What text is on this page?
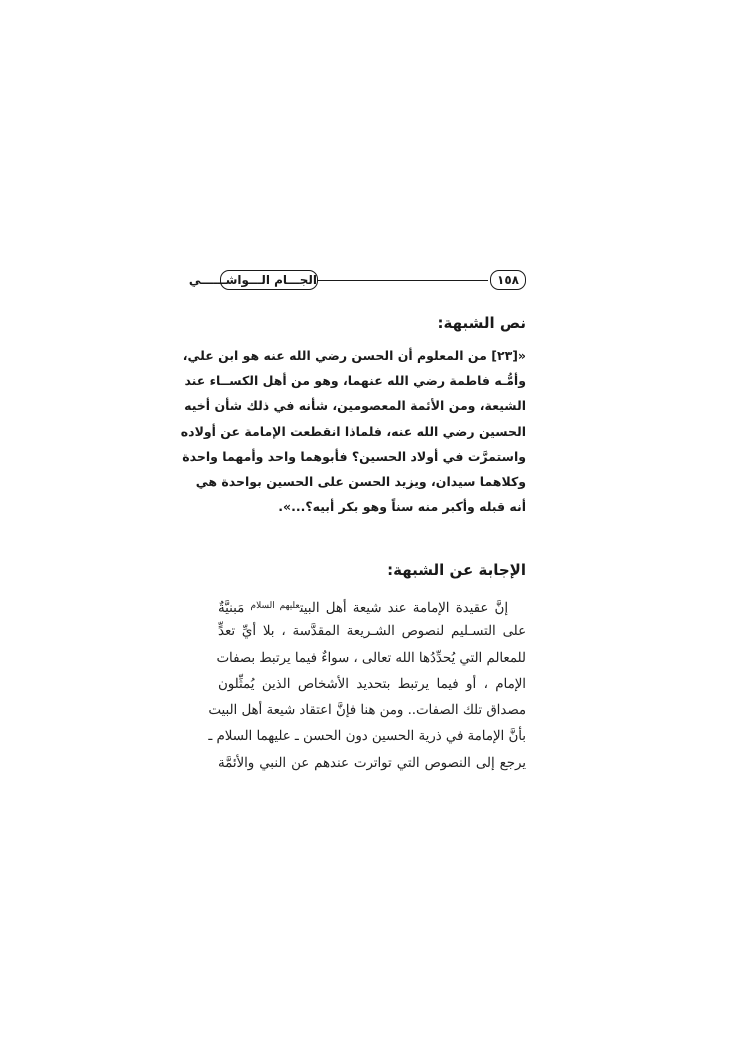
الجـــام الـــواشــــــي	١٥٨
نص الشبهة:
«[٢٣] من المعلوم أن الحسن رضي الله عنه هو ابن علي،
وأمُّـه فاطمة رضي الله عنهما، وهو من أهل الكســاء عند
الشيعة، ومن الأئمة المعصومين، شأنه في ذلك شأن أخيه
الحسين رضي الله عنه، فلماذا انقطعت الإمامة عن أولاده
واستمرَّت في أولاد الحسين؟ فأبوهما واحد وأمهما واحدة
وكلاهما سيدان، ويزيد الحسن على الحسين بواحدة هي
أنه قبله وأكبر منه سناً وهو بكر أبيه؟...».
الإجابة عن الشبهة:
إنَّ عقيدة الإمامة عند شيعة أهل البيت$^{عليهم السلام}$ مَبنيَّةٌ
على التسـليم لنصوص الشـريعة المقدَّسة ، بلا أيِّ تعدٍّ
للمعالم التي يُحدِّدُها الله تعالى ، سواءٌ فيما يرتبط بصفات
الإمام ، أو فيما يرتبط بتحديد الأشخاص الذين يُمثِّلون
مصداق تلك الصفات.. ومن هنا فإنَّ اعتقاد شيعة أهل البيت
بأنَّ الإمامة في ذرية الحسين دون الحسن ـ عليهما السلام ـ
يرجع إلى النصوص التي تواترت عندهم عن النبي والأئمَّة
